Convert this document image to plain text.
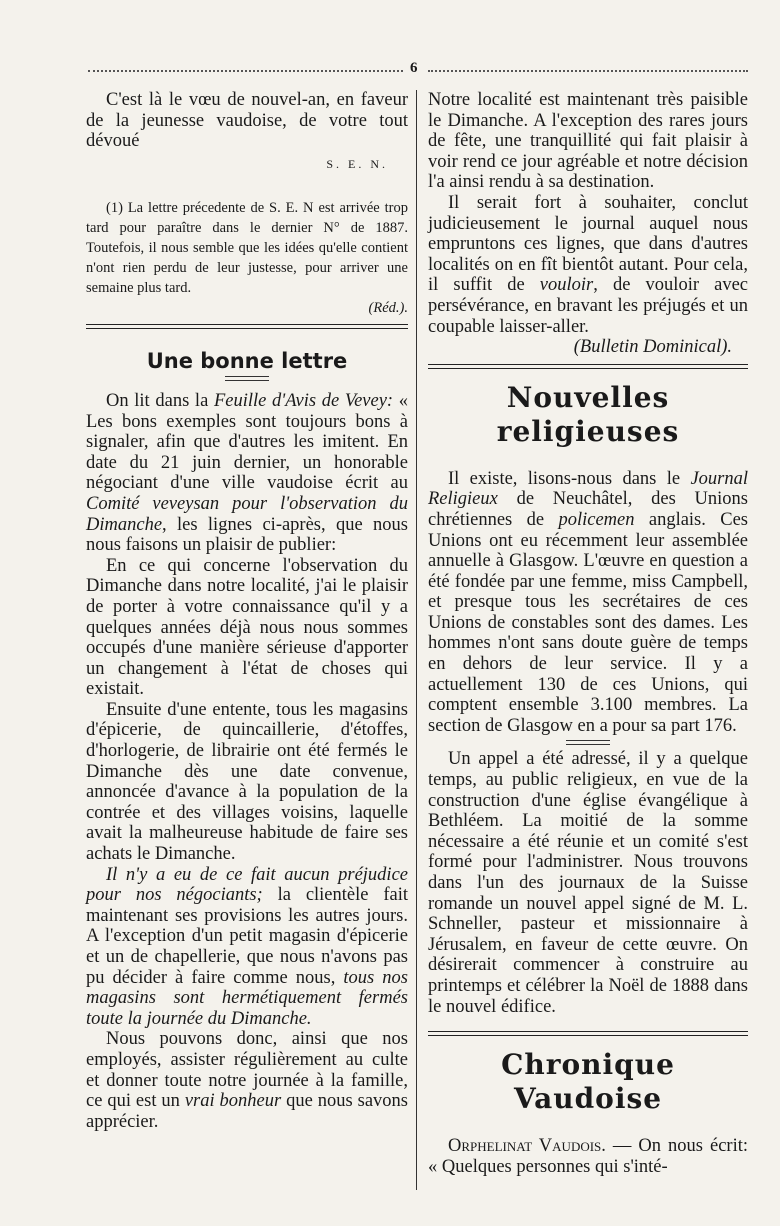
6

C'est là le vœu de nouvel-an, en faveur de la jeunesse vaudoise, de votre tout dévoué

S. E. N.

(1) La lettre précedente de S. E. N est arrivée trop tard pour paraître dans le dernier N° de 1887. Toutefois, il nous semble que les idées qu'elle contient n'ont rien perdu de leur justesse, pour arriver une semaine plus tard.

(Réd.).
Une bonne lettre

On lit dans la Feuille d'Avis de Vevey: « Les bons exemples sont toujours bons à signaler, afin que d'autres les imitent. En date du 21 juin dernier, un honorable négociant d'une ville vaudoise écrit au Comité veveysan pour l'observation du Dimanche, les lignes ci-après, que nous nous faisons un plaisir de publier:

En ce qui concerne l'observation du Dimanche dans notre localité, j'ai le plaisir de porter à votre connaissance qu'il y a quelques années déjà nous nous sommes occupés d'une manière sérieuse d'apporter un changement à l'état de choses qui existait.

Ensuite d'une entente, tous les magasins d'épicerie, de quincaillerie, d'étoffes, d'horlogerie, de librairie ont été fermés le Dimanche dès une date convenue, annoncée d'avance à la population de la contrée et des villages voisins, laquelle avait la malheureuse habitude de faire ses achats le Dimanche.

Il n'y a eu de ce fait aucun préjudice pour nos négociants; la clientèle fait maintenant ses provisions les autres jours. A l'exception d'un petit magasin d'épicerie et un de chapellerie, que nous n'avons pas pu décider à faire comme nous, tous nos magasins sont hermétiquement fermés toute la journée du Dimanche.

Nous pouvons donc, ainsi que nos employés, assister régulièrement au culte et donner toute notre journée à la famille, ce qui est un vrai bonheur que nous savons apprécier.

Notre localité est maintenant très paisible le Dimanche. A l'exception des rares jours de fête, une tranquillité qui fait plaisir à voir rend ce jour agréable et notre décision l'a ainsi rendu à sa destination.

Il serait fort à souhaiter, conclut judicieusement le journal auquel nous empruntons ces lignes, que dans d'autres localités on en fît bientôt autant. Pour cela, il suffit de vouloir, de vouloir avec persévérance, en bravant les préjugés et un coupable laisser-aller.

(Bulletin Dominical).
Nouvelles religieuses

Il existe, lisons-nous dans le Journal Religieux de Neuchâtel, des Unions chrétiennes de policemen anglais. Ces Unions ont eu récemment leur assemblée annuelle à Glasgow. L'œuvre en question a été fondée par une femme, miss Campbell, et presque tous les secrétaires de ces Unions de constables sont des dames. Les hommes n'ont sans doute guère de temps en dehors de leur service. Il y a actuellement 130 de ces Unions, qui comptent ensemble 3.100 membres. La section de Glasgow en a pour sa part 176.

Un appel a été adressé, il y a quelque temps, au public religieux, en vue de la construction d'une église évangélique à Bethléem. La moitié de la somme nécessaire a été réunie et un comité s'est formé pour l'administrer. Nous trouvons dans l'un des journaux de la Suisse romande un nouvel appel signé de M. L. Schneller, pasteur et missionnaire à Jérusalem, en faveur de cette œuvre. On désirerait commencer à construire au printemps et célébrer la Noël de 1888 dans le nouvel édifice.

Chronique Vaudoise

Orphelinat Vaudois. — On nous écrit: « Quelques personnes qui s'inté-
